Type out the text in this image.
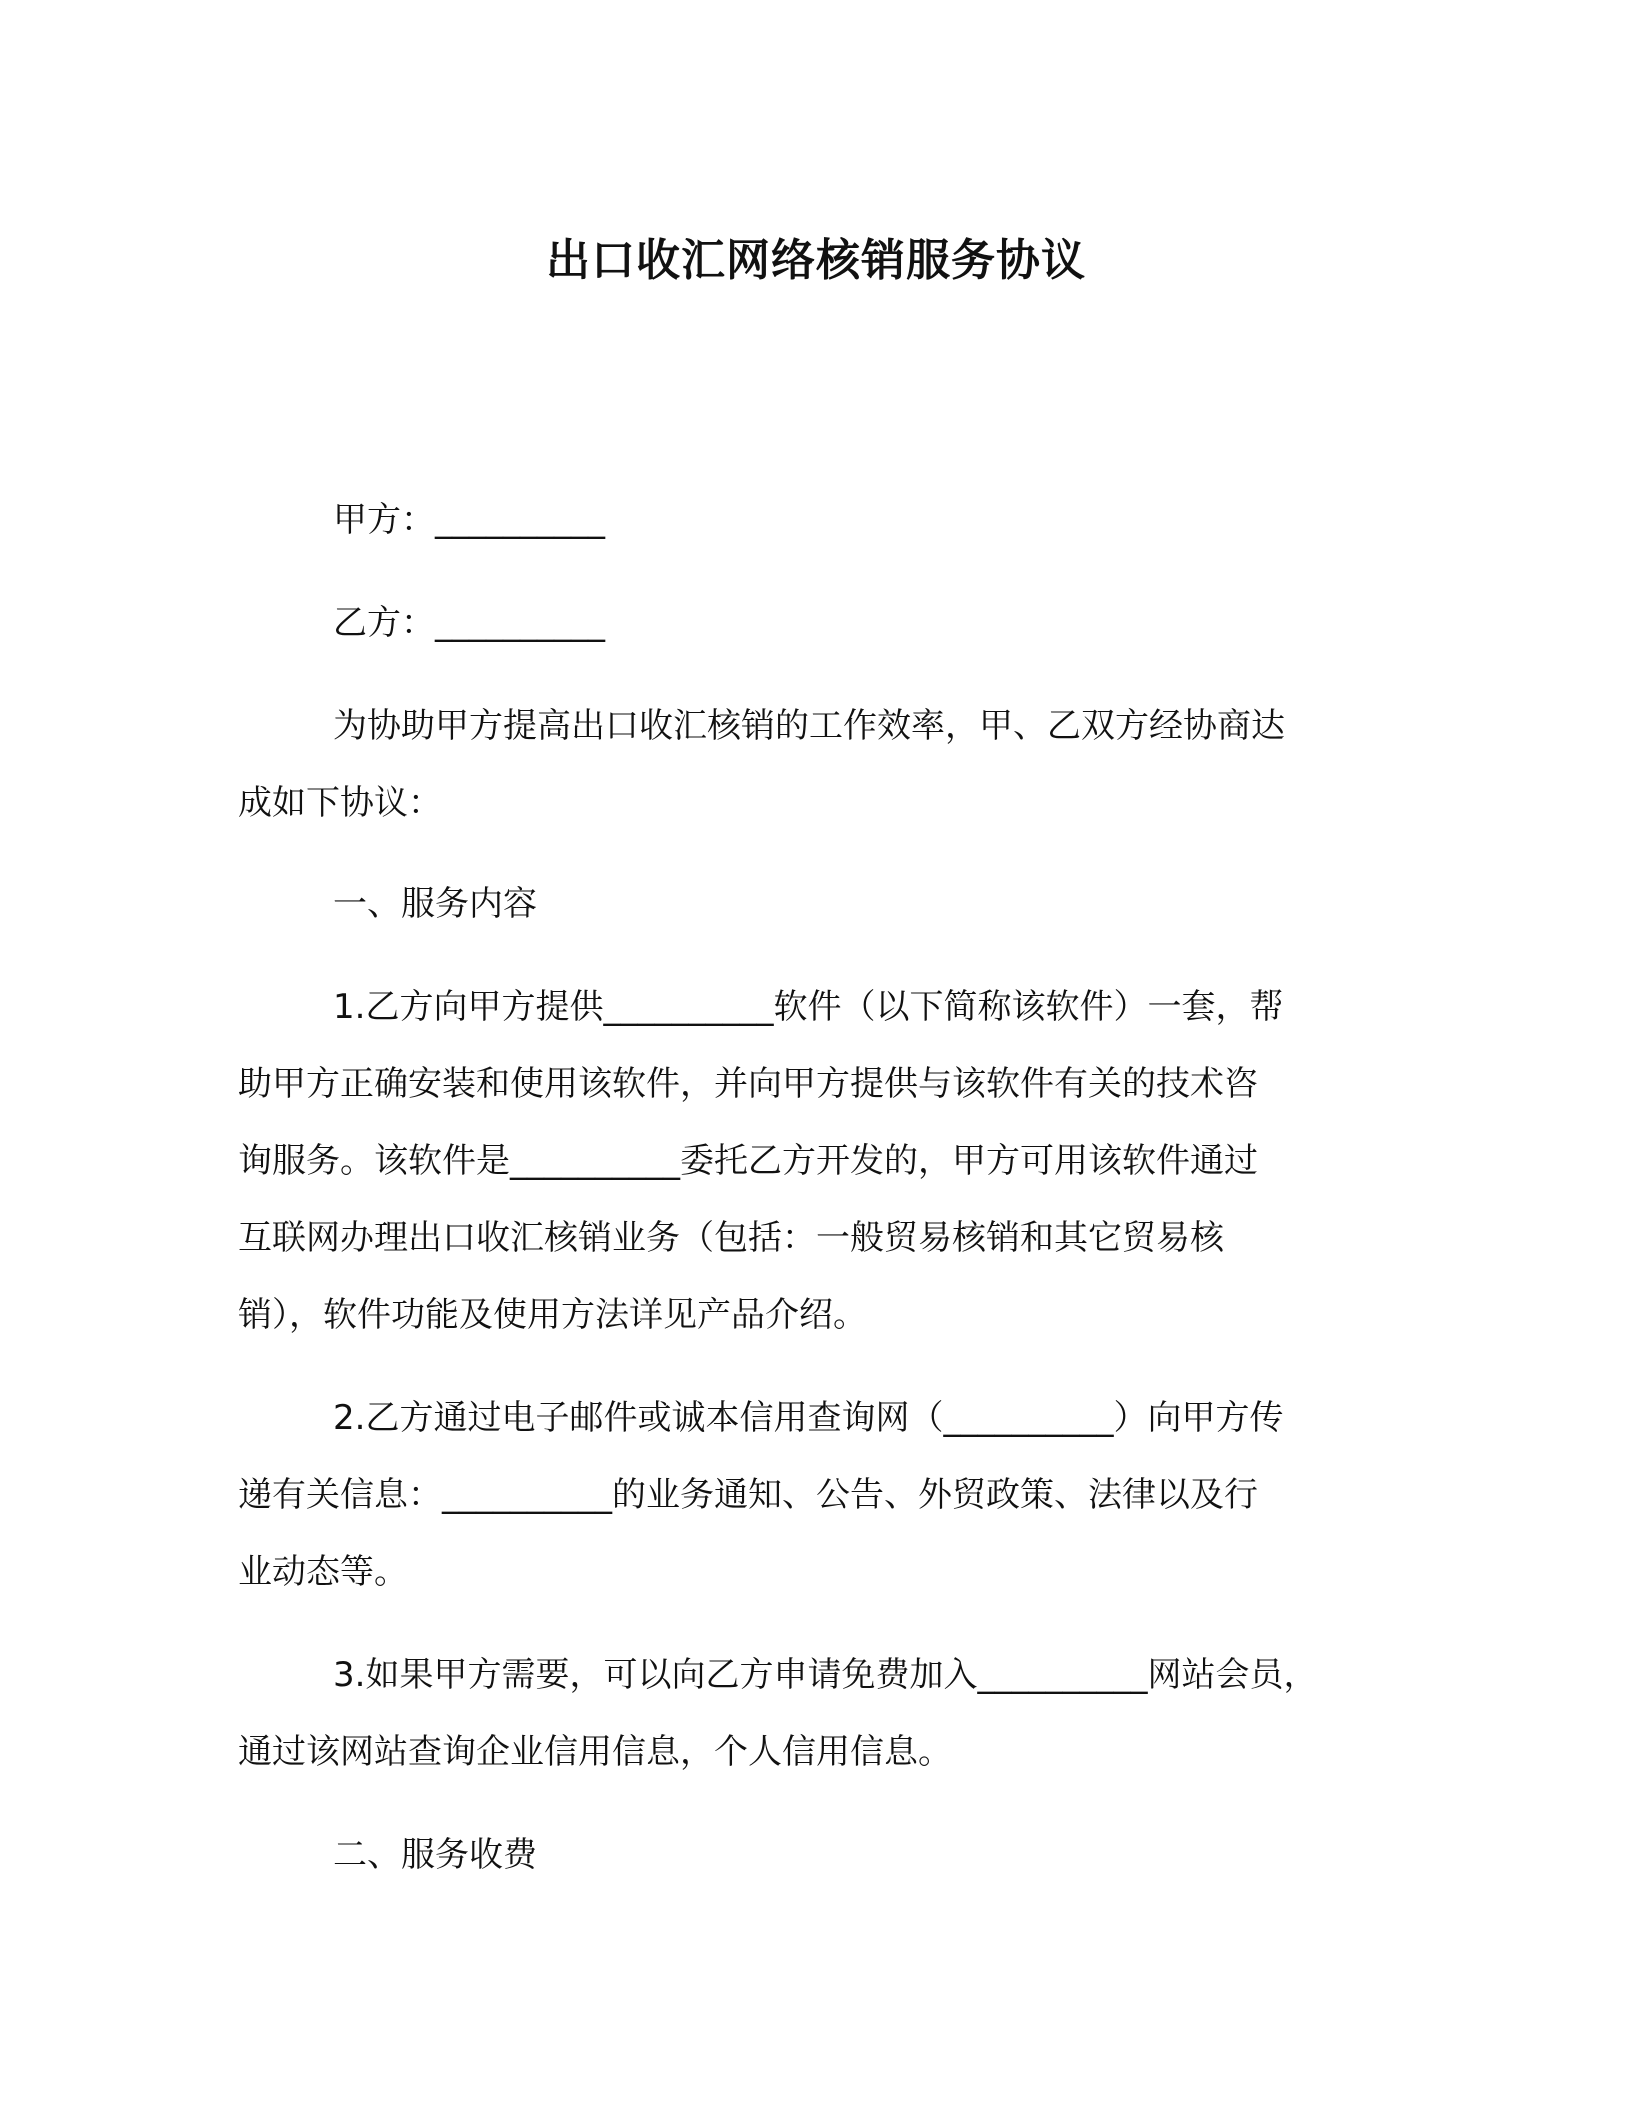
出口收汇网络核销服务协议

甲方：__________

乙方：__________

为协助甲方提高出口收汇核销的工作效率，甲、乙双方经协商达

成如下协议：

一、服务内容

1.乙方向甲方提供__________软件（以下简称该软件）一套，帮

助甲方正确安装和使用该软件，并向甲方提供与该软件有关的技术咨

询服务。该软件是__________委托乙方开发的，甲方可用该软件通过

互联网办理出口收汇核销业务（包括：一般贸易核销和其它贸易核

销），软件功能及使用方法详见产品介绍。

2.乙方通过电子邮件或诚本信用查询网（__________）向甲方传

递有关信息：__________的业务通知、公告、外贸政策、法律以及行

业动态等。

3.如果甲方需要，可以向乙方申请免费加入__________网站会员，

通过该网站查询企业信用信息，个人信用信息。

二、服务收费
